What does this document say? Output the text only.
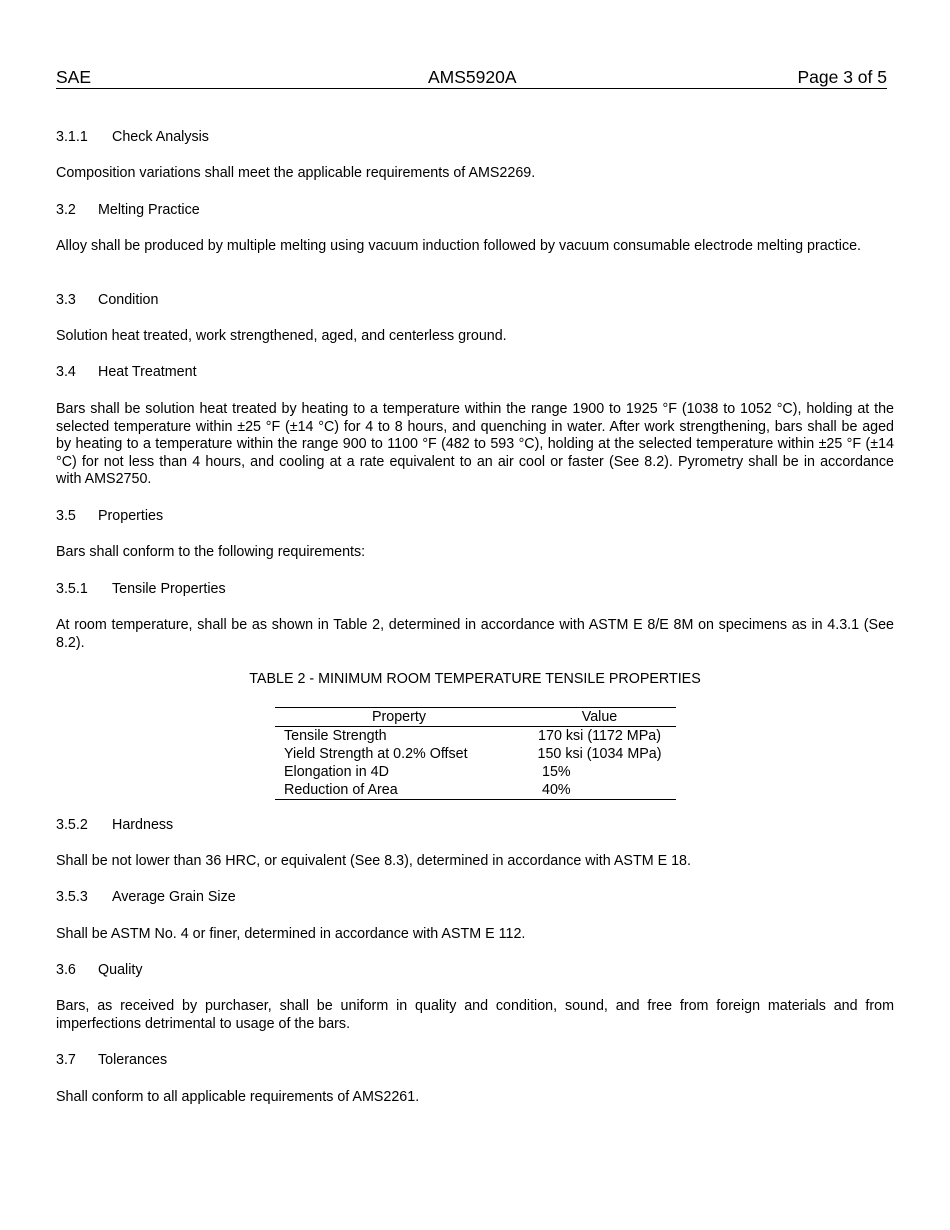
SAE	AMS5920A	Page 3 of 5
3.1.1 Check Analysis
Composition variations shall meet the applicable requirements of AMS2269.
3.2 Melting Practice
Alloy shall be produced by multiple melting using vacuum induction followed by vacuum consumable electrode melting practice.
3.3 Condition
Solution heat treated, work strengthened, aged, and centerless ground.
3.4 Heat Treatment
Bars shall be solution heat treated by heating to a temperature within the range 1900 to 1925 °F (1038 to 1052 °C), holding at the selected temperature within ±25 °F (±14 °C) for 4 to 8 hours, and quenching in water. After work strengthening, bars shall be aged by heating to a temperature within the range 900 to 1100 °F (482 to 593 °C), holding at the selected temperature within ±25 °F (±14 °C) for not less than 4 hours, and cooling at a rate equivalent to an air cool or faster (See 8.2). Pyrometry shall be in accordance with AMS2750.
3.5 Properties
Bars shall conform to the following requirements:
3.5.1 Tensile Properties
At room temperature, shall be as shown in Table 2, determined in accordance with ASTM E 8/E 8M on specimens as in 4.3.1 (See 8.2).
TABLE 2 - MINIMUM ROOM TEMPERATURE TENSILE PROPERTIES
Property	Value
Tensile Strength	170 ksi (1172 MPa)
Yield Strength at 0.2% Offset	150 ksi (1034 MPa)
Elongation in 4D	15%
Reduction of Area	40%
3.5.2 Hardness
Shall be not lower than 36 HRC, or equivalent (See 8.3), determined in accordance with ASTM E 18.
3.5.3 Average Grain Size
Shall be ASTM No. 4 or finer, determined in accordance with ASTM E 112.
3.6 Quality
Bars, as received by purchaser, shall be uniform in quality and condition, sound, and free from foreign materials and from imperfections detrimental to usage of the bars.
3.7 Tolerances
Shall conform to all applicable requirements of AMS2261.
